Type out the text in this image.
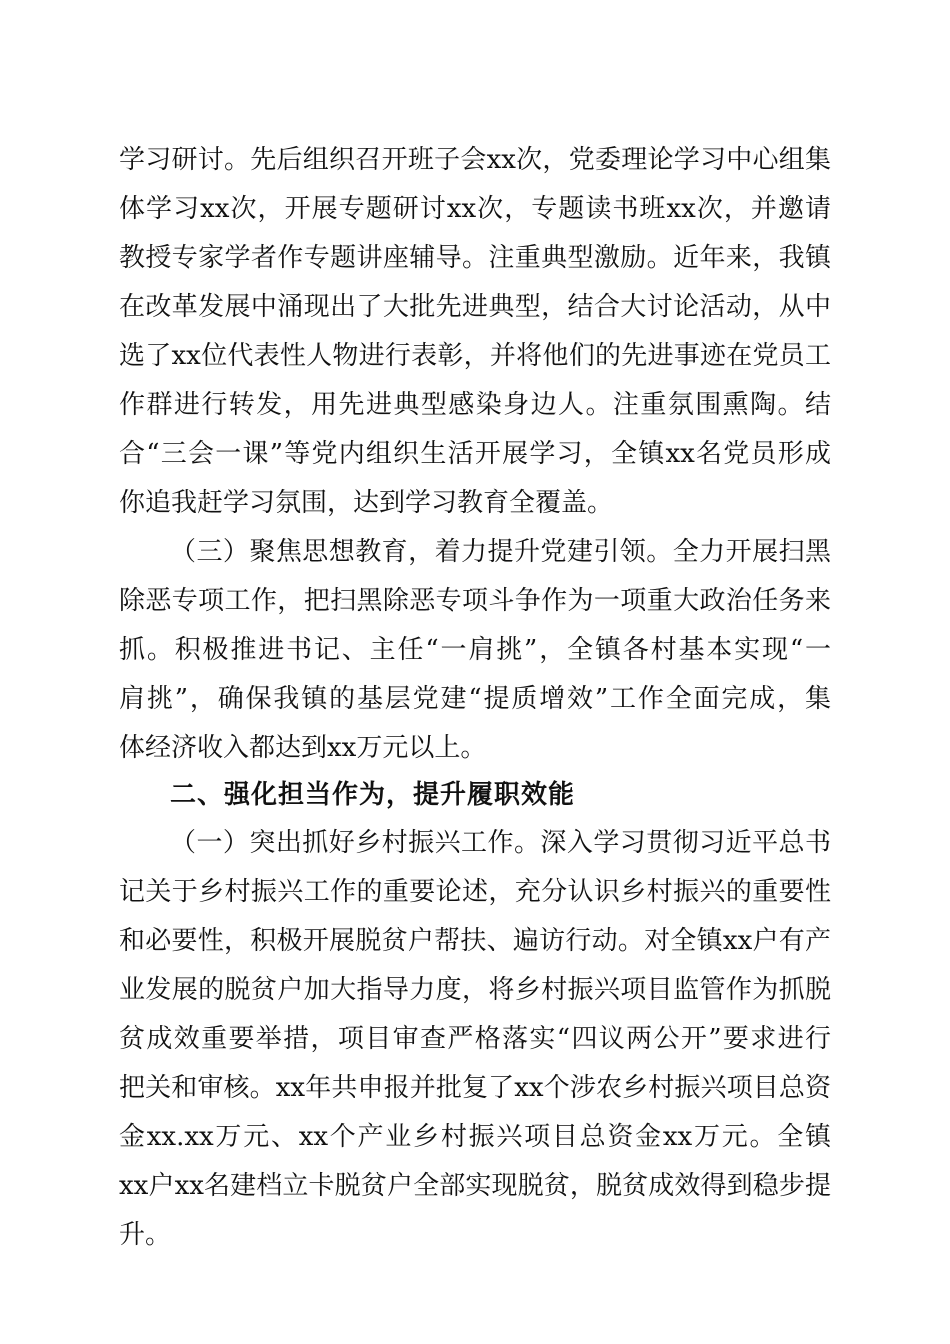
学习研讨。先后组织召开班子会xx次，党委理论学习中心组集
体学习xx次，开展专题研讨xx次，专题读书班xx次，并邀请
教授专家学者作专题讲座辅导。注重典型激励。近年来，我镇
在改革发展中涌现出了大批先进典型，结合大讨论活动，从中
选了xx位代表性人物进行表彰，并将他们的先进事迹在党员工
作群进行转发，用先进典型感染身边人。注重氛围熏陶。结
合“三会一课”等党内组织生活开展学习，全镇xx名党员形成
你追我赶学习氛围，达到学习教育全覆盖。
（三）聚焦思想教育，着力提升党建引领。全力开展扫黑
除恶专项工作，把扫黑除恶专项斗争作为一项重大政治任务来
抓。积极推进书记、主任“一肩挑”，全镇各村基本实现“一
肩挑”，确保我镇的基层党建“提质增效”工作全面完成，集
体经济收入都达到xx万元以上。
二、强化担当作为，提升履职效能
（一）突出抓好乡村振兴工作。深入学习贯彻习近平总书
记关于乡村振兴工作的重要论述，充分认识乡村振兴的重要性
和必要性，积极开展脱贫户帮扶、遍访行动。对全镇xx户有产
业发展的脱贫户加大指导力度，将乡村振兴项目监管作为抓脱
贫成效重要举措，项目审查严格落实“四议两公开”要求进行
把关和审核。xx年共申报并批复了xx个涉农乡村振兴项目总资
金xx.xx万元、xx个产业乡村振兴项目总资金xx万元。全镇
xx户xx名建档立卡脱贫户全部实现脱贫，脱贫成效得到稳步提
升。
